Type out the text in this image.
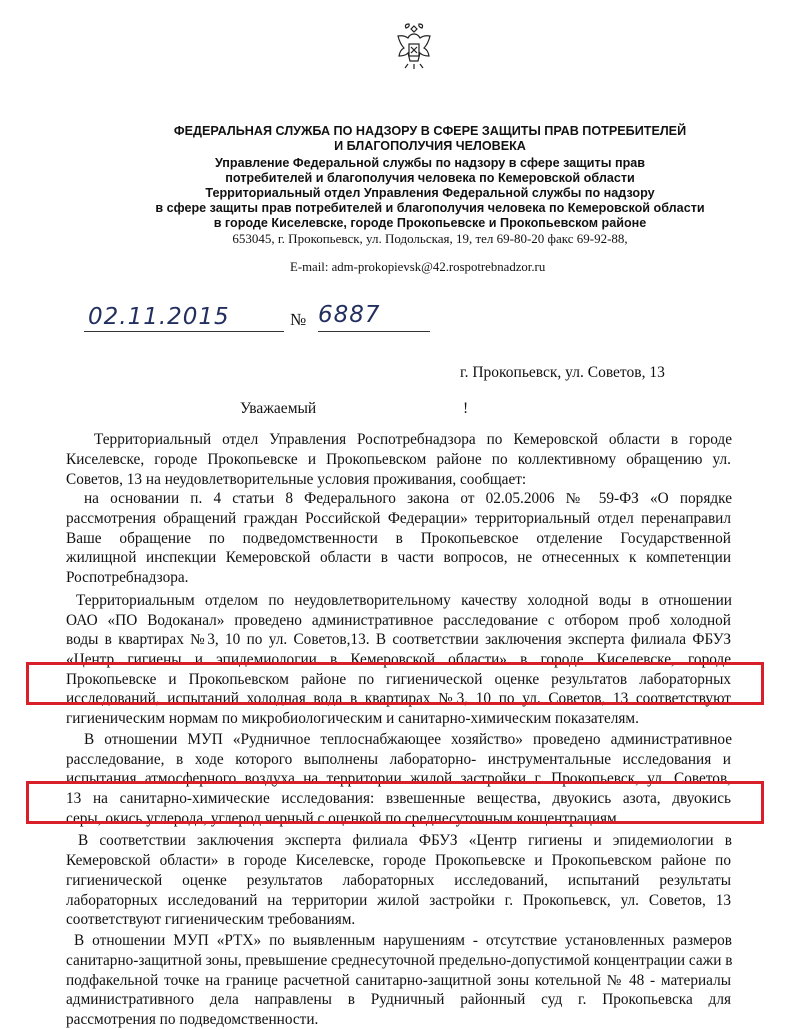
ФЕДЕРАЛЬНАЯ СЛУЖБА ПО НАДЗОРУ В СФЕРЕ ЗАЩИТЫ ПРАВ ПОТРЕБИТЕЛЕЙ
И БЛАГОПОЛУЧИЯ ЧЕЛОВЕКА
Управление Федеральной службы по надзору в сфере защиты прав
потребителей и благополучия человека по Кемеровской области
Территориальный отдел Управления Федеральной службы по надзору
в сфере защиты прав потребителей и благополучия человека по Кемеровской области
в городе Киселевске, городе Прокопьевске и Прокопьевском районе
653045, г. Прокопьевск, ул. Подольская, 19, тел 69-80-20 факс 69-92-88,
E-mail: adm-prokopievsk@42.rospotrebnadzor.ru
02.11.2015	№ 6887
г. Прокопьевск, ул. Советов, 13
Уважаемый	!
Территориальный отдел Управления Роспотребнадзора по Кемеровской области в городе
Киселевске, городе Прокопьевске и Прокопьевском районе по коллективному обращению ул.
Советов, 13 на неудовлетворительные условия проживания, сообщает:
на основании п. 4 статьи 8 Федерального закона от 02.05.2006 № 59-ФЗ «О порядке
рассмотрения обращений граждан Российской Федерации» территориальный отдел перенаправил
Ваше обращение по подведомственности в Прокопьевское отделение Государственной
жилищной инспекции Кемеровской области в части вопросов, не отнесенных к компетенции
Роспотребнадзора.
Территориальным отделом по неудовлетворительному качеству холодной воды в отношении
ОАО «ПО Водоканал» проведено административное расследование с отбором проб холодной
воды в квартирах №3, 10 по ул. Советов,13. В соответствии заключения эксперта филиала ФБУЗ
«Центр гигиены и эпидемиологии в Кемеровской области» в городе Киселевске, городе
Прокопьевске и Прокопьевском районе по гигиенической оценке результатов лабораторных
исследований, испытаний холодная вода в квартирах №3, 10 по ул. Советов, 13 соответствуют
гигиеническим нормам по микробиологическим и санитарно-химическим показателям.
В отношении МУП «Рудничное теплоснабжающее хозяйство» проведено административное
расследование, в ходе которого выполнены лабораторно- инструментальные исследования и
испытания атмосферного воздуха на территории жилой застройки г. Прокопьевск, ул. Советов,
13 на санитарно-химические исследования: взвешенные вещества, двуокись азота, двуокись
серы, окись углерода, углерод черный с оценкой по среднесуточным концентрациям.
В соответствии заключения эксперта филиала ФБУЗ «Центр гигиены и эпидемиологии в
Кемеровской области» в городе Киселевске, городе Прокопьевске и Прокопьевском районе по
гигиенической оценке результатов лабораторных исследований, испытаний результаты
лабораторных исследований на территории жилой застройки г. Прокопьевск, ул. Советов, 13
соответствуют гигиеническим требованиям.
В отношении МУП «РТХ» по выявленным нарушениям - отсутствие установленных размеров
санитарно-защитной зоны, превышение среднесуточной предельно-допустимой концентрации сажи в
подфакельной точке на границе расчетной санитарно-защитной зоны котельной № 48 - материалы
административного дела направлены в Рудничный районный суд г. Прокопьевска для
рассмотрения по подведомственности.
